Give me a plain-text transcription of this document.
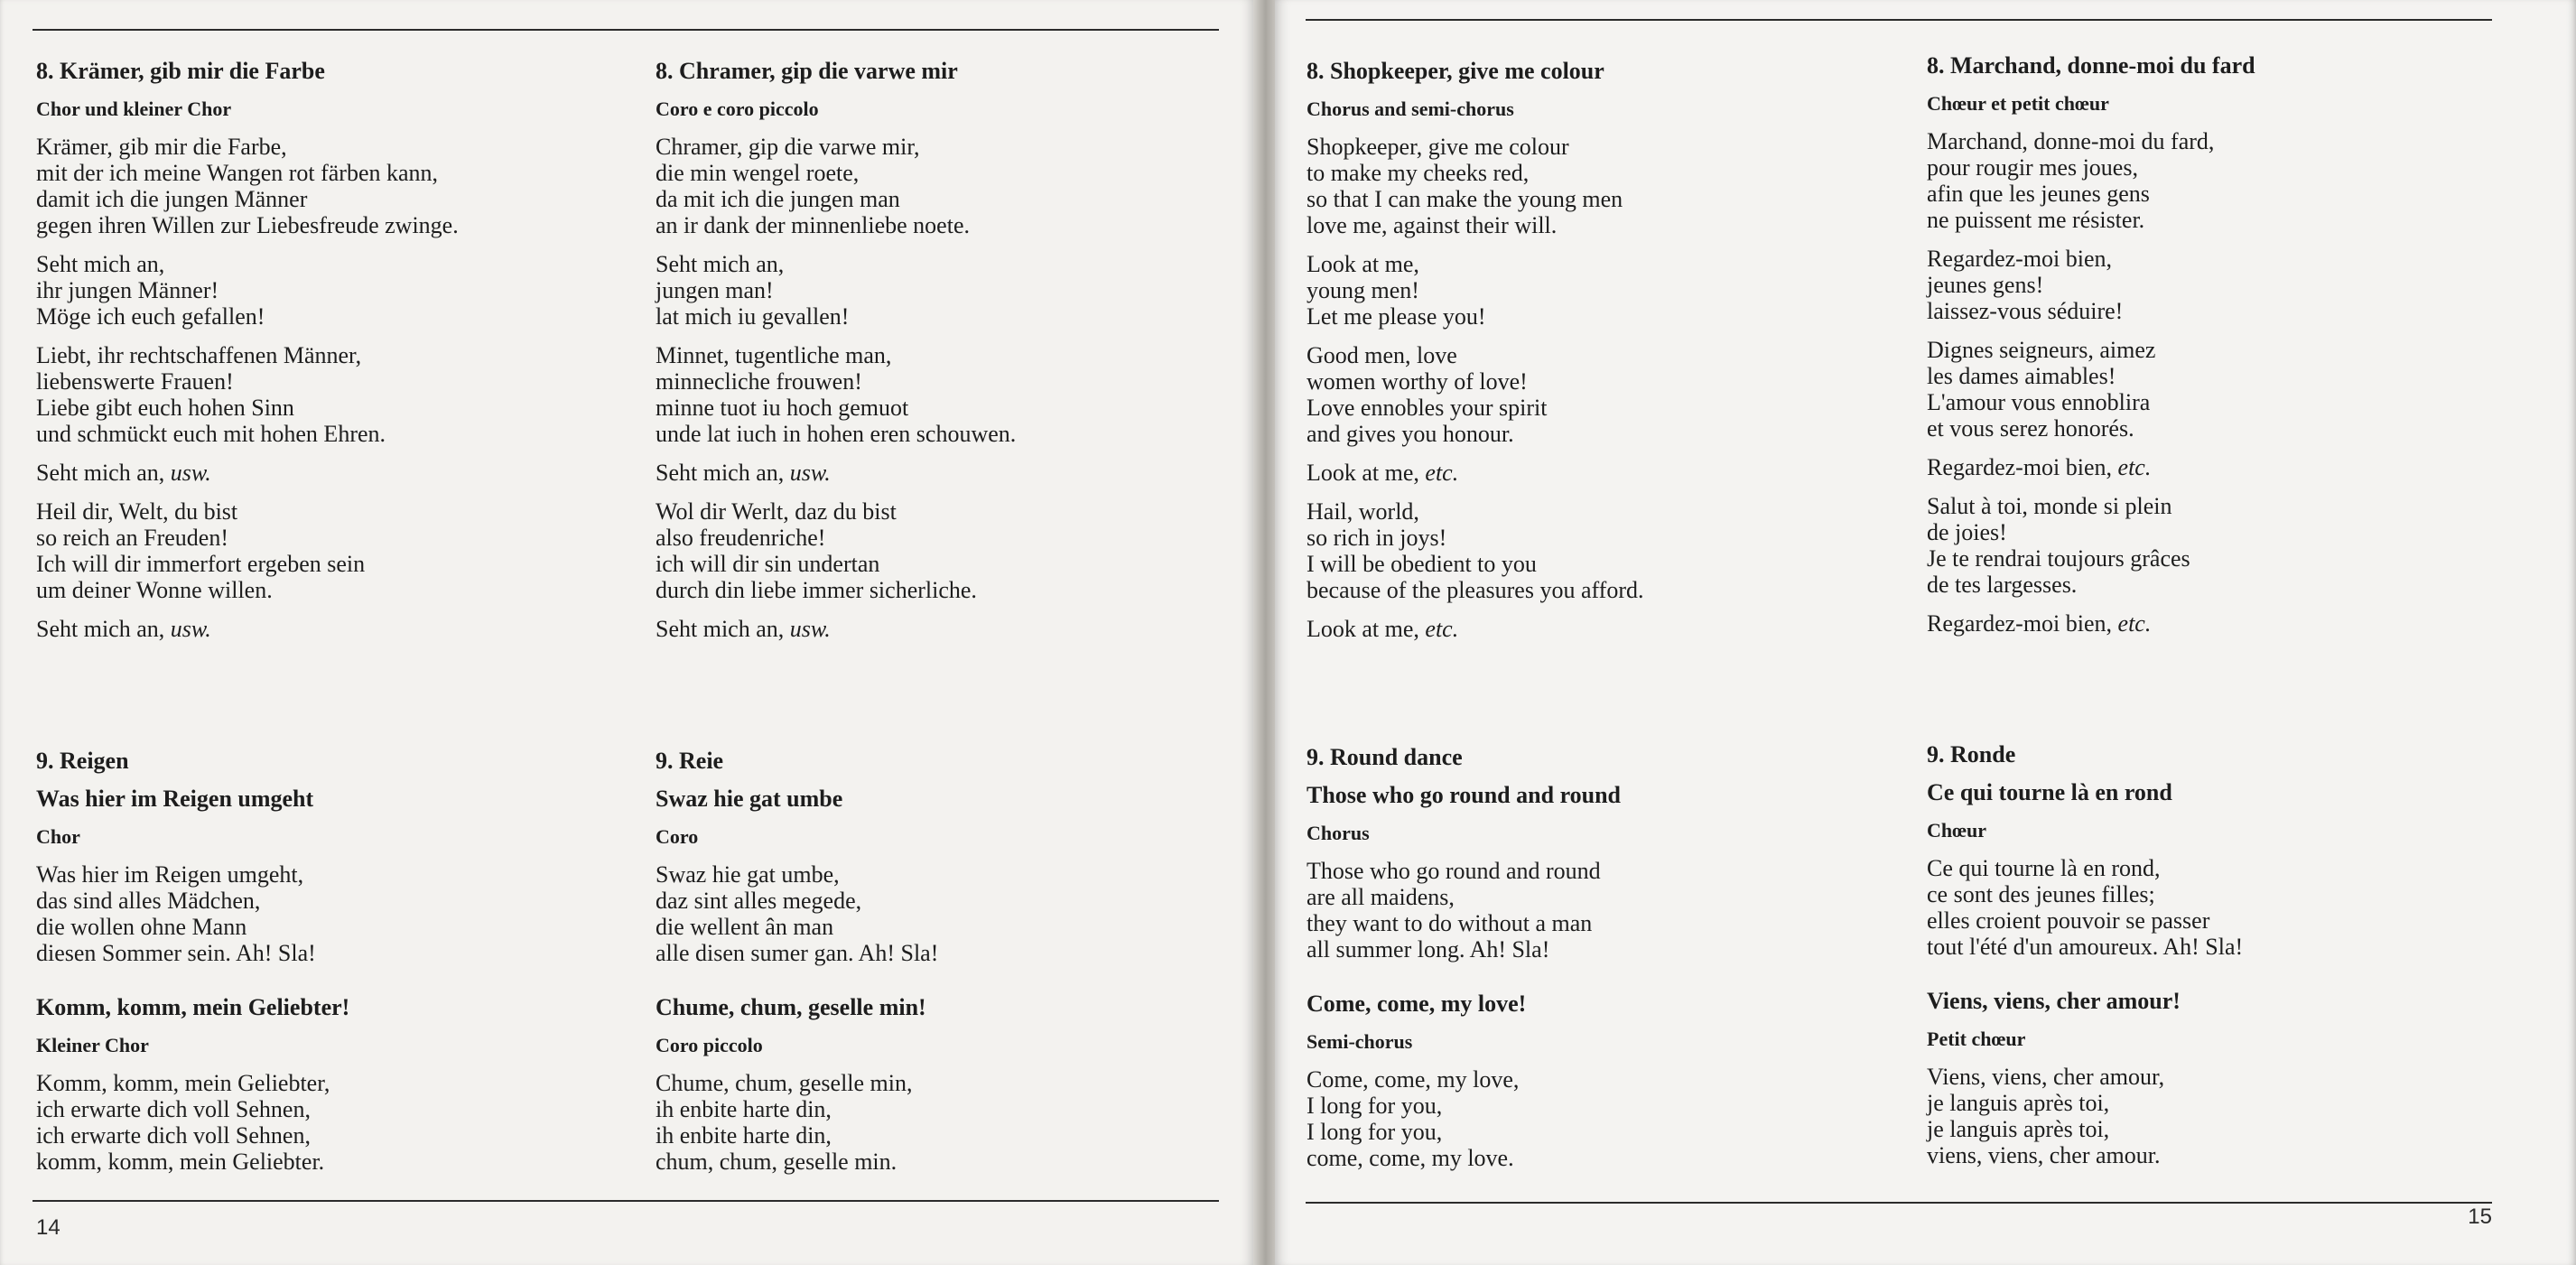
8. Krämer, gib mir die Farbe
Chor und kleiner Chor

Krämer, gib mir die Farbe,
mit der ich meine Wangen rot färben kann,
damit ich die jungen Männer
gegen ihren Willen zur Liebesfreude zwinge.

Seht mich an,
ihr jungen Männer!
Möge ich euch gefallen!

Liebt, ihr rechtschaffenen Männer,
liebenswerte Frauen!
Liebe gibt euch hohen Sinn
und schmückt euch mit hohen Ehren.

Seht mich an, usw.

Heil dir, Welt, du bist
so reich an Freuden!
Ich will dir immerfort ergeben sein
um deiner Wonne willen.

Seht mich an, usw.

9. Reigen
Was hier im Reigen umgeht
Chor

Was hier im Reigen umgeht,
das sind alles Mädchen,
die wollen ohne Mann
diesen Sommer sein. Ah! Sla!

Komm, komm, mein Geliebter!
Kleiner Chor

Komm, komm, mein Geliebter,
ich erwarte dich voll Sehnen,
ich erwarte dich voll Sehnen,
komm, komm, mein Geliebter.

8. Chramer, gip die varwe mir
Coro e coro piccolo

Chramer, gip die varwe mir,
die min wengel roete,
da mit ich die jungen man
an ir dank der minnenliebe noete.

Seht mich an,
jungen man!
lat mich iu gevallen!

Minnet, tugentliche man,
minnecliche frouwen!
minne tuot iu hoch gemuot
unde lat iuch in hohen eren schouwen.

Seht mich an, usw.

Wol dir Werlt, daz du bist
also freudenriche!
ich will dir sin undertan
durch din liebe immer sicherliche.

Seht mich an, usw.

9. Reie
Swaz hie gat umbe
Coro

Swaz hie gat umbe,
daz sint alles megede,
die wellent ân man
alle disen sumer gan. Ah! Sla!

Chume, chum, geselle min!
Coro piccolo

Chume, chum, geselle min,
ih enbite harte din,
ih enbite harte din,
chum, chum, geselle min.

14
8. Shopkeeper, give me colour
Chorus and semi-chorus

Shopkeeper, give me colour
to make my cheeks red,
so that I can make the young men
love me, against their will.

Look at me,
young men!
Let me please you!

Good men, love
women worthy of love!
Love ennobles your spirit
and gives you honour.

Look at me, etc.

Hail, world,
so rich in joys!
I will be obedient to you
because of the pleasures you afford.

Look at me, etc.

9. Round dance
Those who go round and round
Chorus

Those who go round and round
are all maidens,
they want to do without a man
all summer long. Ah! Sla!

Come, come, my love!
Semi-chorus

Come, come, my love,
I long for you,
I long for you,
come, come, my love.

8. Marchand, donne-moi du fard
Chœur et petit chœur

Marchand, donne-moi du fard,
pour rougir mes joues,
afin que les jeunes gens
ne puissent me résister.

Regardez-moi bien,
jeunes gens!
laissez-vous séduire!

Dignes seigneurs, aimez
les dames aimables!
L'amour vous ennoblira
et vous serez honorés.

Regardez-moi bien, etc.

Salut à toi, monde si plein
de joies!
Je te rendrai toujours grâces
de tes largesses.

Regardez-moi bien, etc.

9. Ronde
Ce qui tourne là en rond
Chœur

Ce qui tourne là en rond,
ce sont des jeunes filles;
elles croient pouvoir se passer
tout l'été d'un amoureux. Ah! Sla!

Viens, viens, cher amour!
Petit chœur

Viens, viens, cher amour,
je languis après toi,
je languis après toi,
viens, viens, cher amour.

15
